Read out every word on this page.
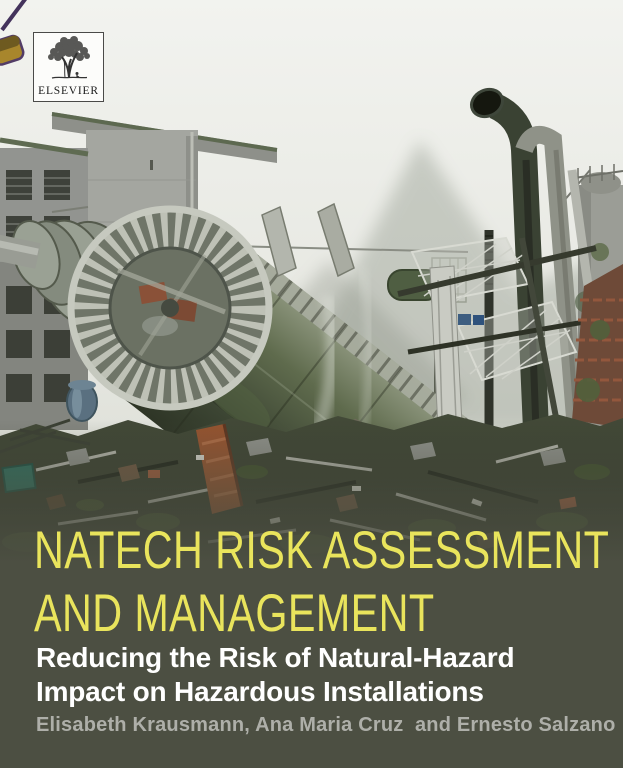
ELSEVIER
NATECH RISK ASSESSMENT
AND MANAGEMENT
Reducing the Risk of Natural-Hazard
Impact on Hazardous Installations
Elisabeth Krausmann, Ana Maria Cruz  and Ernesto Salzano
